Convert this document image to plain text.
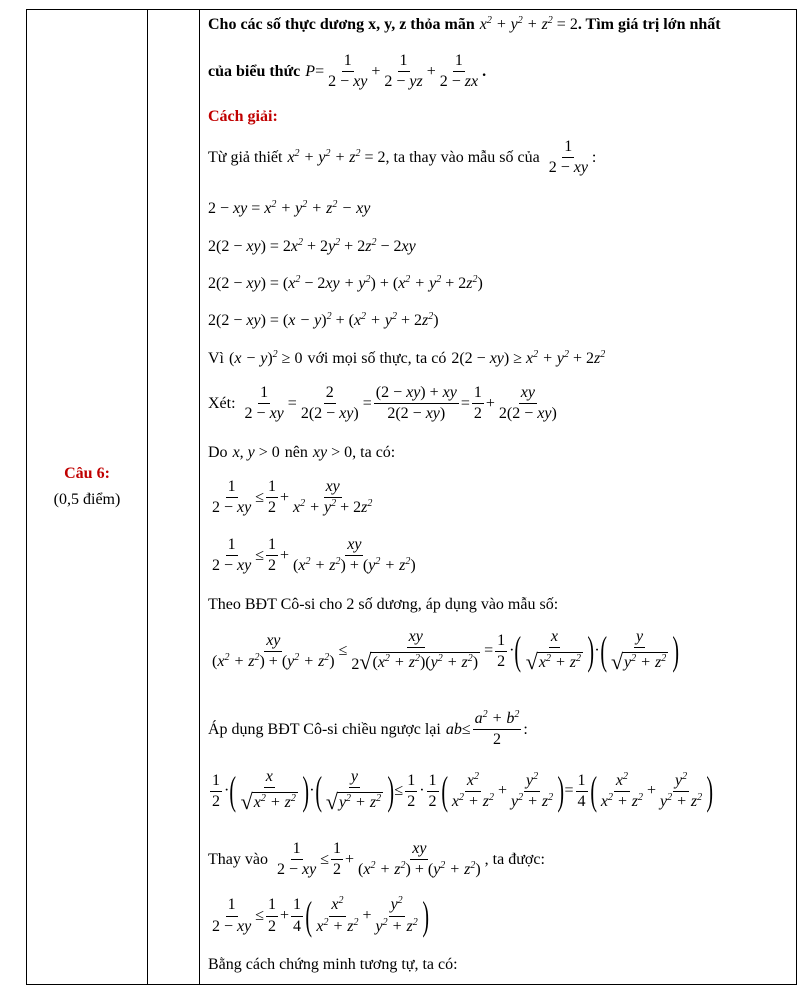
Câu 6:
(0,5 điểm)
Cho các số thực dương x, y, z thỏa mãn $x^2 + y^2 + z^2 = 2$ . Tìm giá trị lớn nhất
của biểu thức $P= \frac{1}{2 - xy} + \frac{1}{2 - yz} + \frac{1}{2 - zx}$ .
Cách giải:
Từ giả thiết $x^2 + y^2 + z^2 = 2$ , ta thay vào mẫu số của $\frac{1}{2 - xy}$ :
2 − xy = $x^2 + y^2 + z^2$ − xy
$2(2 - xy) = 2x^2 + 2y^2 + 2z^2 - 2xy$
$2(2 - xy) = (x^2 - 2xy + y^2) + (x^2 + y^2 + 2z^2)$
$2(2 - xy) = (x - y)^2 + (x^2 + y^2 + 2z^2)$
Vì $(x - y)^2 \ge 0$ với mọi số thực, ta có $2(2 - xy) \ge x^2 + y^2 + 2z^2$
Xét: $\frac{1}{2 - xy} = \frac{2}{2(2 - xy)} = \frac{(2 - xy) + xy}{2(2 - xy)} = \frac{1}{2} + \frac{xy}{2(2 - xy)}$
Do x, y > 0 nên xy > 0 , ta có:
$\frac{1}{2 - xy} \le \frac{1}{2} + \frac{xy}{x^2 + y^2 + 2z^2}$
$\frac{1}{2 - xy} \le \frac{1}{2} + \frac{xy}{(x^2 + z^2) + (y^2 + z^2)}$
Theo BĐT Cô-si cho 2 số dương, áp dụng vào mẫu số:
$\frac{xy}{(x^2 + z^2) + (y^2 + z^2)} \le \frac{xy}{2 √ (x^2 + z^2)(y^2 + z^2)} = \frac{1}{2}$ · ( $\frac{x}{√ x^2 + z^2}$ ) · ( $\frac{y}{√ y^2 + z^2}$ )
Áp dụng BĐT Cô-si chiều ngược lại $ab\le \frac{a^2 + b^2}{2}$ :
$\frac{1}{2}$ · ( $\frac{x}{√ x^2 + z^2}$ ) · ( $\frac{y}{√ y^2 + z^2}$ ) ≤ $\frac{1}{2} \cdot \frac{1}{2}$ ( $\frac{x^2}{x^2 + z^2} + \frac{y^2}{y^2 + z^2}$ ) = $\frac{1}{4}$ ( $\frac{x^2}{x^2 + z^2} + \frac{y^2}{y^2 + z^2}$ )
Thay vào $\frac{1}{2 - xy} \le \frac{1}{2} + \frac{xy}{(x^2 + z^2) + (y^2 + z^2)}$ , ta được:
$\frac{1}{2 - xy} \le \frac{1}{2} + \frac{1}{4}$ ( $\frac{x^2}{x^2 + z^2} + \frac{y^2}{y^2 + z^2}$ )
Bằng cách chứng minh tương tự, ta có:
